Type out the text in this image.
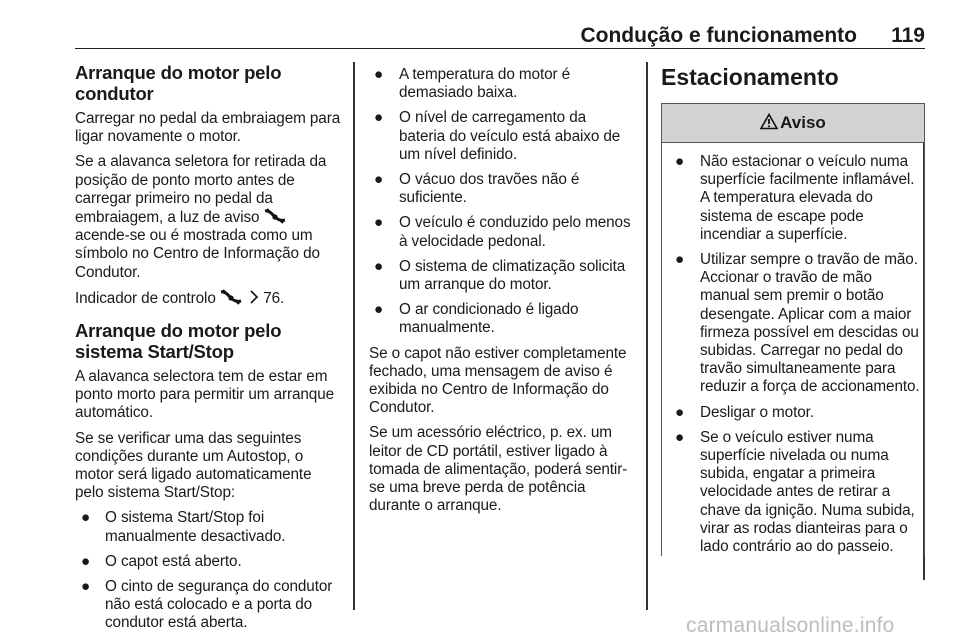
Condução e funcionamento 119
Arranque do motor pelo condutor

Carregar no pedal da embraiagem para ligar novamente o motor.

Se a alavanca seletora for retirada da posição de ponto morto antes de carregar primeiro no pedal da embraiagem, a luz de aviso  acende-se ou é mostrada como um símbolo no Centro de Informação do Condutor.

Indicador de controlo	76.

Arranque do motor pelo sistema Start/Stop

A alavanca selectora tem de estar em ponto morto para permitir um arranque automático.

Se se verificar uma das seguintes condições durante um Autostop, o motor será ligado automaticamente pelo sistema Start/Stop:

● O sistema Start/Stop foi manualmente desactivado.
● O capot está aberto.
● O cinto de segurança do condutor não está colocado e a porta do condutor está aberta.
● A temperatura do motor é demasiado baixa.
● O nível de carregamento da bateria do veículo está abaixo de um nível definido.
● O vácuo dos travões não é suficiente.
● O veículo é conduzido pelo menos à velocidade pedonal.
● O sistema de climatização solicita um arranque do motor.
● O ar condicionado é ligado manualmente.

Se o capot não estiver completamente fechado, uma mensagem de aviso é exibida no Centro de Informação do Condutor.

Se um acessório eléctrico, p. ex. um leitor de CD portátil, estiver ligado à tomada de alimentação, poderá sentir-se uma breve perda de potência durante o arranque.

Estacionamento
Aviso
● Não estacionar o veículo numa superfície facilmente inflamável. A temperatura elevada do sistema de escape pode incendiar a superfície.
● Utilizar sempre o travão de mão. Accionar o travão de mão manual sem premir o botão desengate. Aplicar com a maior firmeza possível em descidas ou subidas. Carregar no pedal do travão simultaneamente para reduzir a força de accionamento.
● Desligar o motor.
● Se o veículo estiver numa superfície nivelada ou numa subida, engatar a primeira velocidade antes de retirar a chave da ignição. Numa subida, virar as rodas dianteiras para o lado contrário ao do passeio.
carmanualsonline.info
